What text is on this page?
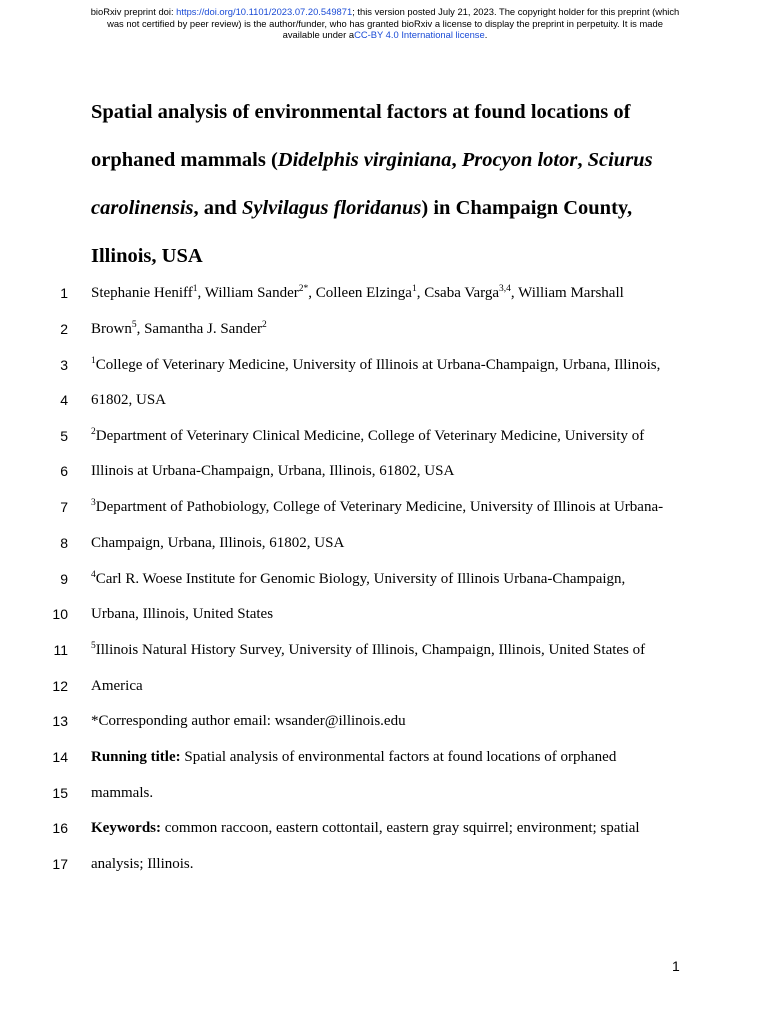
bioRxiv preprint doi: https://doi.org/10.1101/2023.07.20.549871; this version posted July 21, 2023. The copyright holder for this preprint (which
was not certified by peer review) is the author/funder, who has granted bioRxiv a license to display the preprint in perpetuity. It is made
available under aCC-BY 4.0 International license.
Spatial analysis of environmental factors at found locations of
orphaned mammals (Didelphis virginiana, Procyon lotor, Sciurus
carolinensis, and Sylvilagus floridanus) in Champaign County,
Illinois, USA
1 Stephanie Heniff$^1$, William Sander$^{2*}$, Colleen Elzinga$^1$, Csaba Varga$^{3,4}$, William Marshall
2 Brown$^5$, Samantha J. Sander$^2$
3 $^1$College of Veterinary Medicine, University of Illinois at Urbana-Champaign, Urbana, Illinois,
4 61802, USA
5 $^2$Department of Veterinary Clinical Medicine, College of Veterinary Medicine, University of
6 Illinois at Urbana-Champaign, Urbana, Illinois, 61802, USA
7 $^3$Department of Pathobiology, College of Veterinary Medicine, University of Illinois at Urbana-
8 Champaign, Urbana, Illinois, 61802, USA
9 $^4$Carl R. Woese Institute for Genomic Biology, University of Illinois Urbana-Champaign,
10 Urbana, Illinois, United States
11 $^5$Illinois Natural History Survey, University of Illinois, Champaign, Illinois, United States of
12 America
13 *Corresponding author email: wsander@illinois.edu
14 Running title: Spatial analysis of environmental factors at found locations of orphaned
15 mammals.
16 Keywords: common raccoon, eastern cottontail, eastern gray squirrel; environment; spatial
17 analysis; Illinois.
1
